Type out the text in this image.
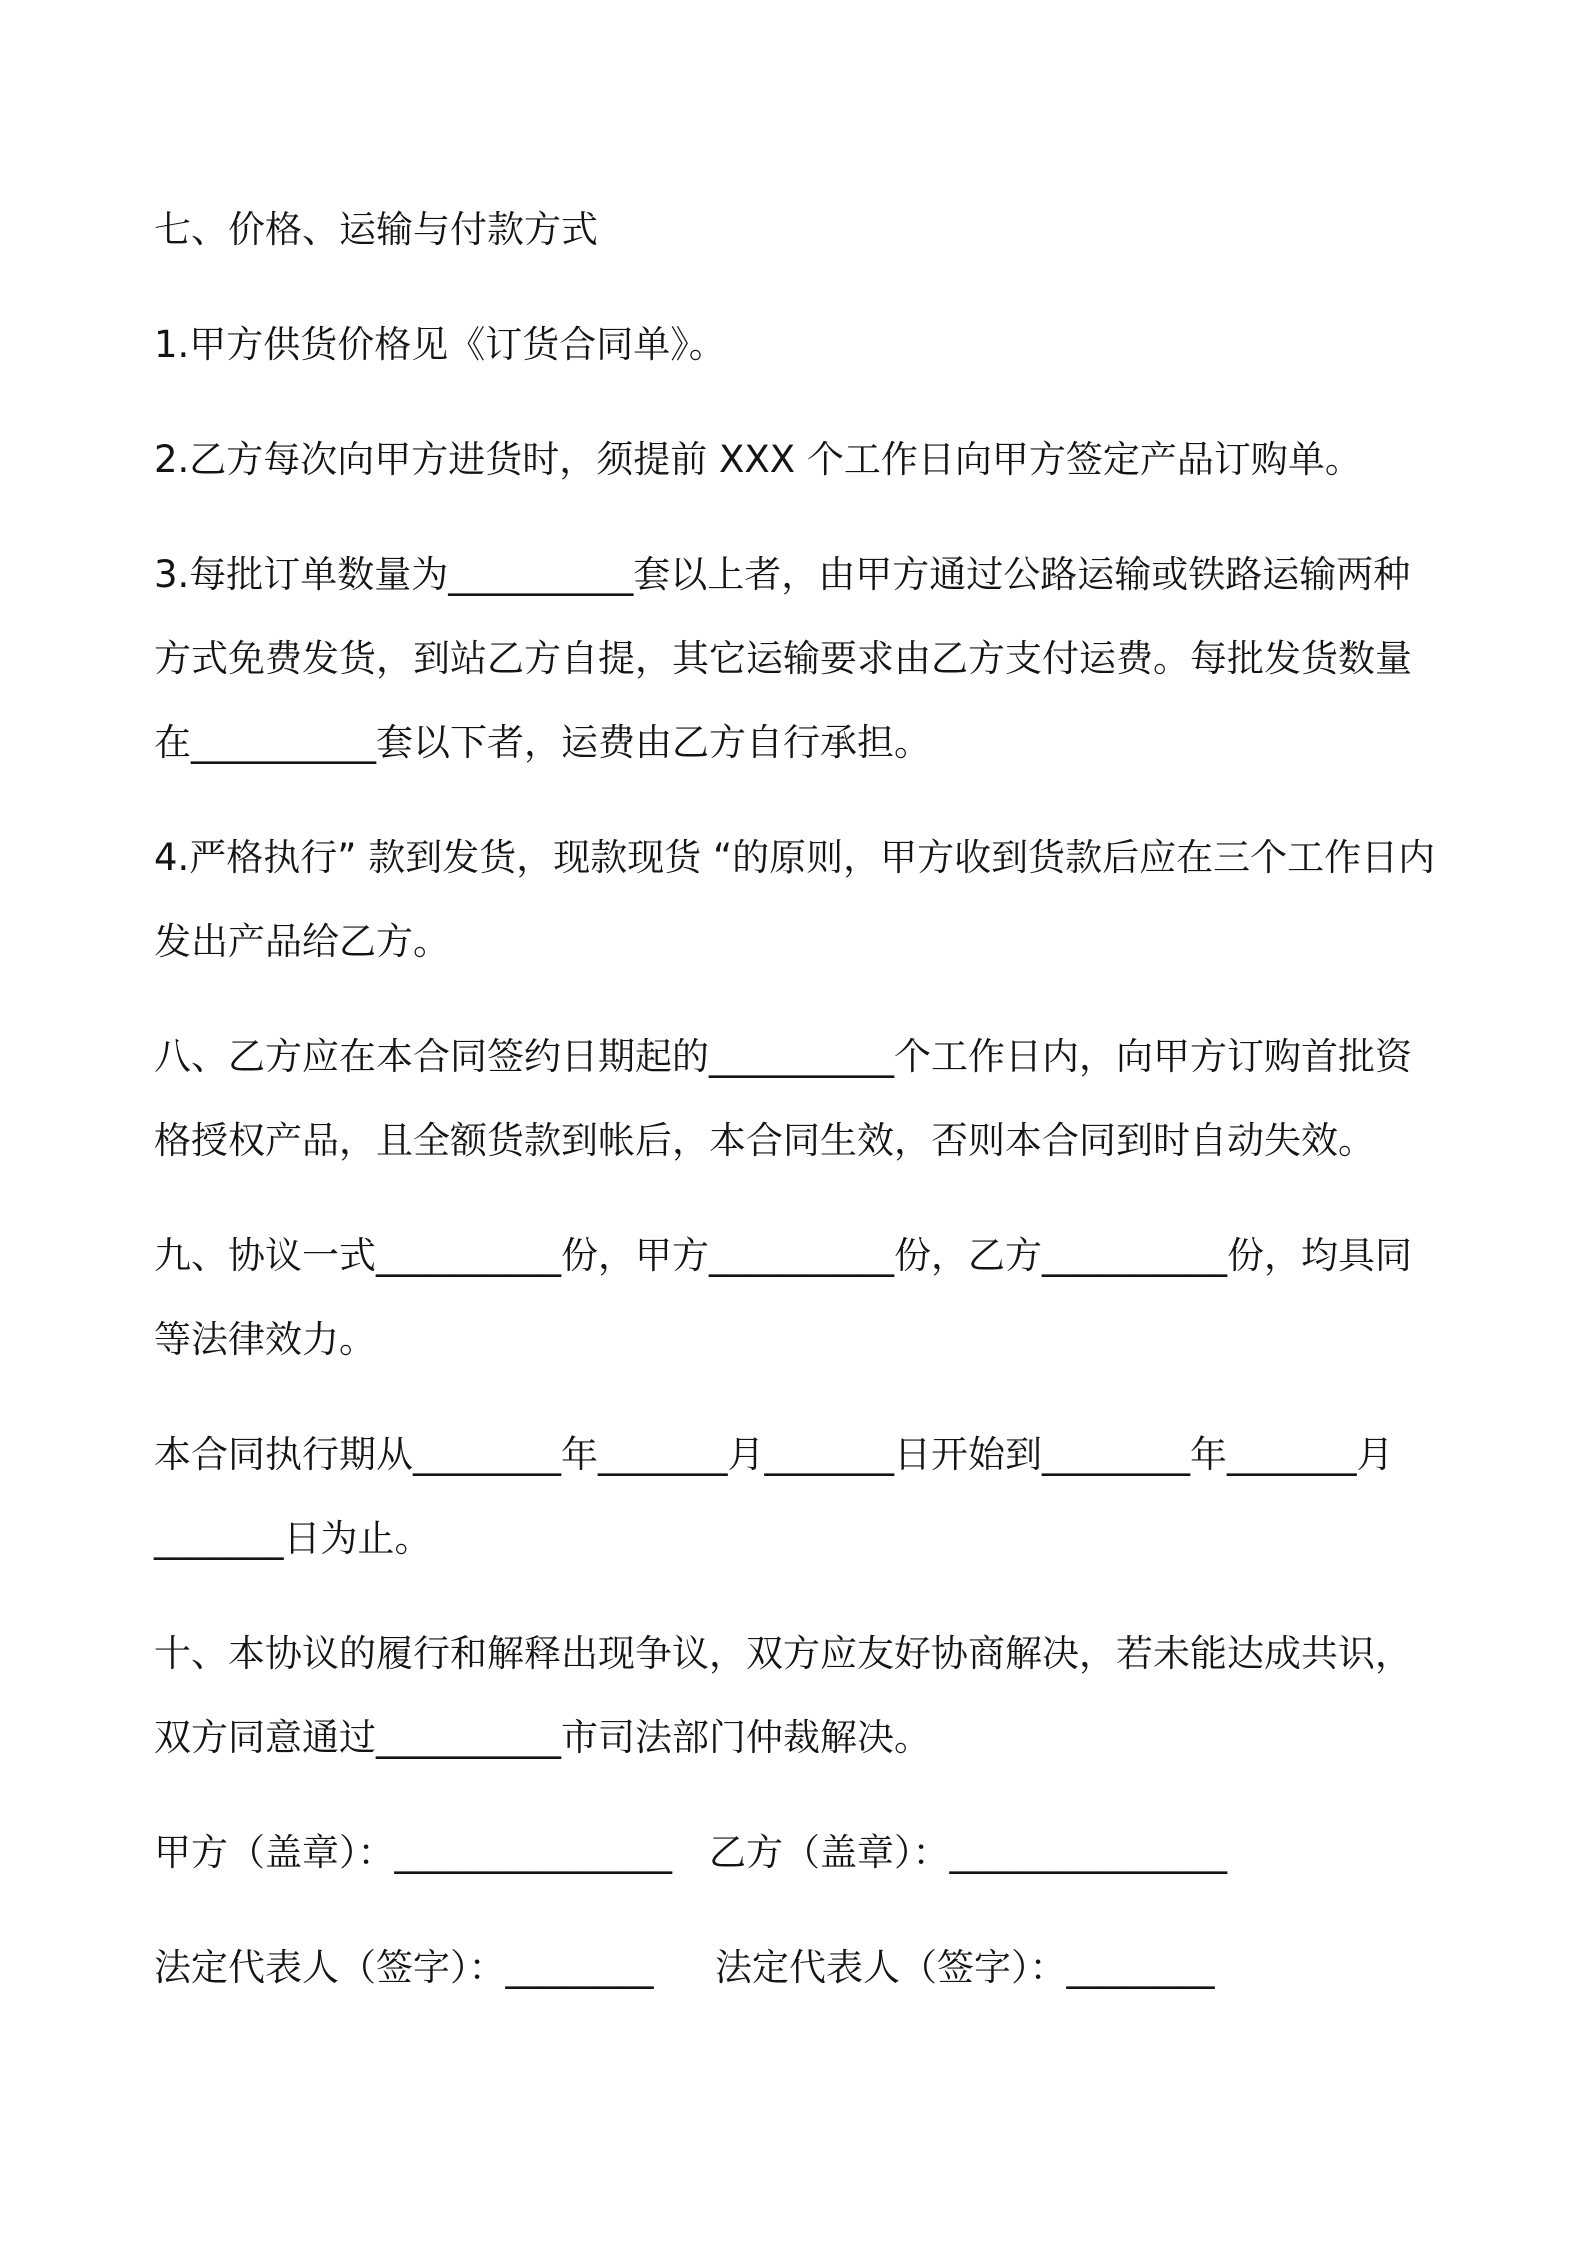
七、价格、运输与付款方式
1.甲方供货价格见《订货合同单》。
2.乙方每次向甲方进货时，须提前 XXX 个工作日向甲方签定产品订购单。
3.每批订单数量为__________套以上者，由甲方通过公路运输或铁路运输两种
方式免费发货，到站乙方自提，其它运输要求由乙方支付运费。每批发货数量
在__________套以下者，运费由乙方自行承担。
4.严格执行” 款到发货，现款现货 “的原则，甲方收到货款后应在三个工作日内
发出产品给乙方。
八、乙方应在本合同签约日期起的__________个工作日内，向甲方订购首批资
格授权产品，且全额货款到帐后，本合同生效，否则本合同到时自动失效。
九、协议一式__________份，甲方__________份，乙方__________份，均具同
等法律效力。
本合同执行期从________年_______月_______日开始到________年_______月
_______日为止。
十、本协议的履行和解释出现争议，双方应友好协商解决，若未能达成共识，
双方同意通过__________市司法部门仲裁解决。
甲方（盖章）：_______________ 乙方（盖章）：_______________
法定代表人（签字）：________ 法定代表人（签字）：________
